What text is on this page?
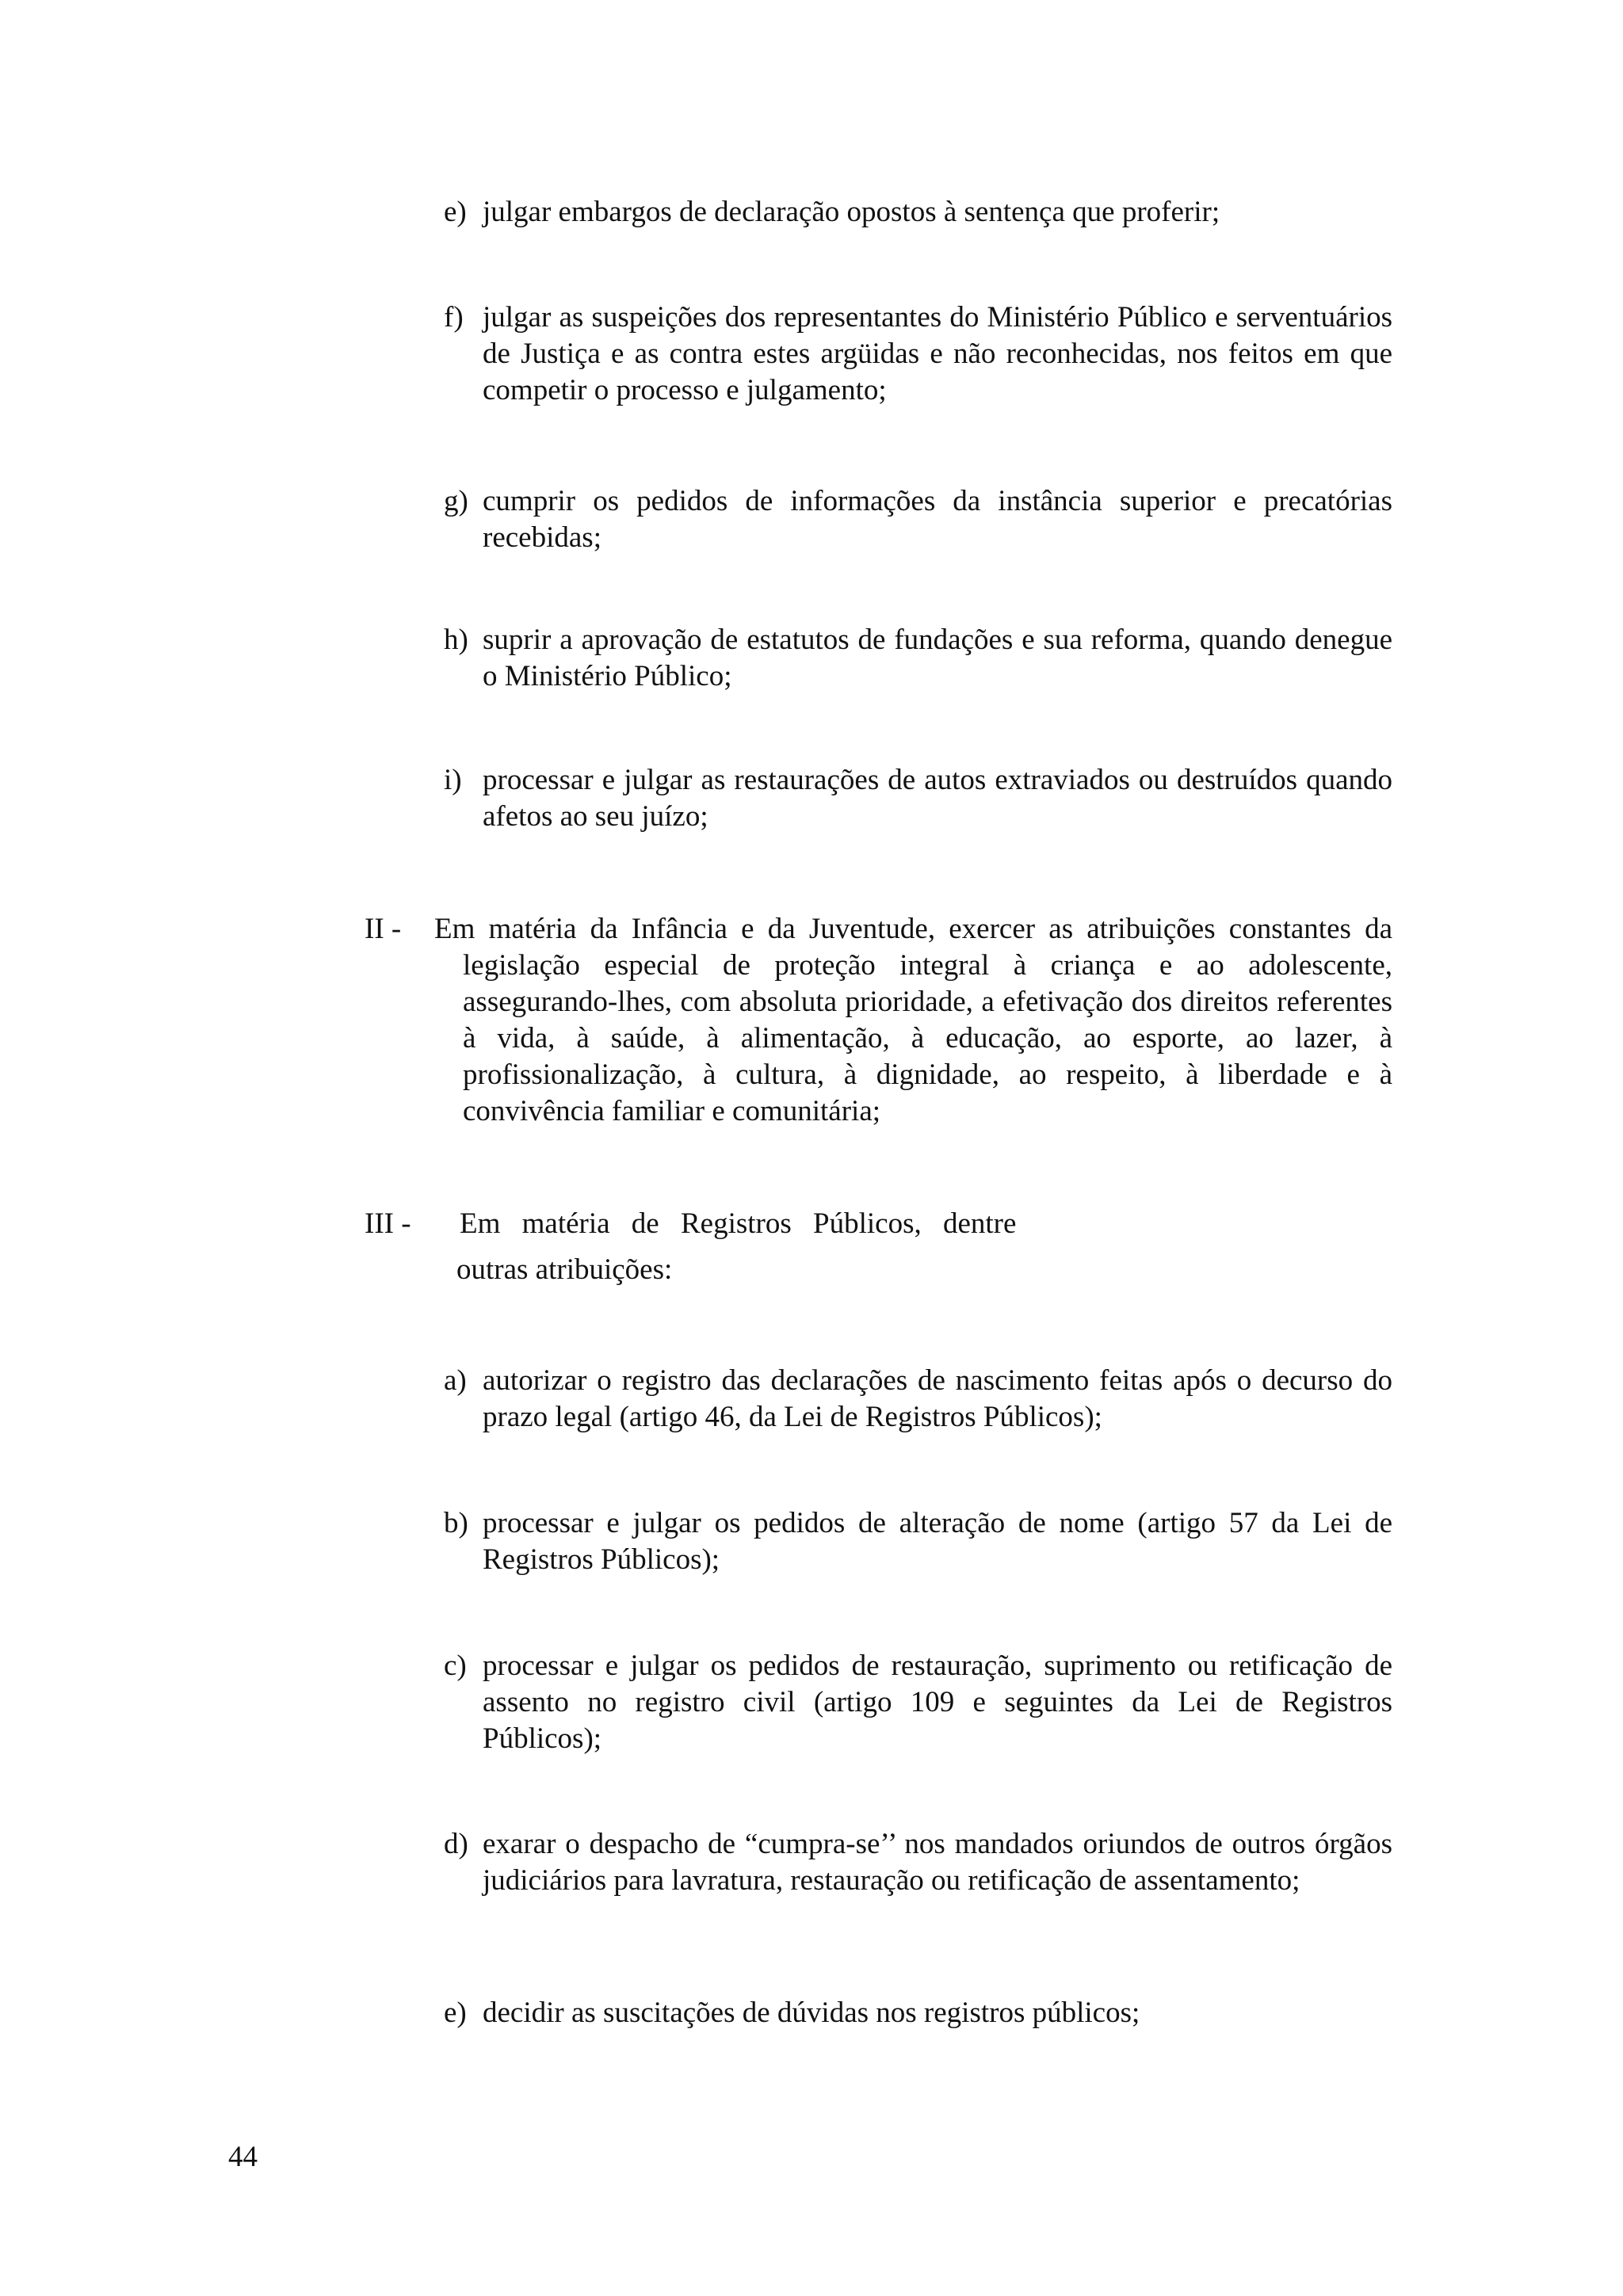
e) julgar embargos de declaração opostos à sentença que proferir;
f) julgar as suspeições dos representantes do Ministério Público e serventuários de Justiça e as contra estes argüidas e não reconhecidas, nos feitos em que competir o processo e julgamento;
g) cumprir os pedidos de informações da instância superior e precatórias recebidas;
h) suprir a aprovação de estatutos de fundações e sua reforma, quando denegue o Ministério Público;
i) processar e julgar as restaurações de autos extraviados ou destruídos quando afetos ao seu juízo;
II -	Em matéria da Infância e da Juventude, exercer as atribuições constantes da legislação especial de proteção integral à criança e ao adolescente, assegurando-lhes, com absoluta prioridade, a efetivação dos direitos referentes à vida, à saúde, à alimentação, à educação, ao esporte, ao lazer, à profissionalização, à cultura, à dignidade, ao respeito, à liberdade e à convivência familiar e comunitária;
III -	Em matéria de Registros Públicos, dentre
outras atribuições:
a) autorizar o registro das declarações de nascimento feitas após o decurso do prazo legal (artigo 46, da Lei de Registros Públicos);
b) processar e julgar os pedidos de alteração de nome (artigo 57 da Lei de Registros Públicos);
c) processar e julgar os pedidos de restauração, suprimento ou retificação de assento no registro civil (artigo 109 e seguintes da Lei de Registros Públicos);
d) exarar o despacho de “cumpra-se’’ nos mandados oriundos de outros órgãos judiciários para lavratura, restauração ou retificação de assentamento;
e) decidir as suscitações de dúvidas nos registros públicos;
44
